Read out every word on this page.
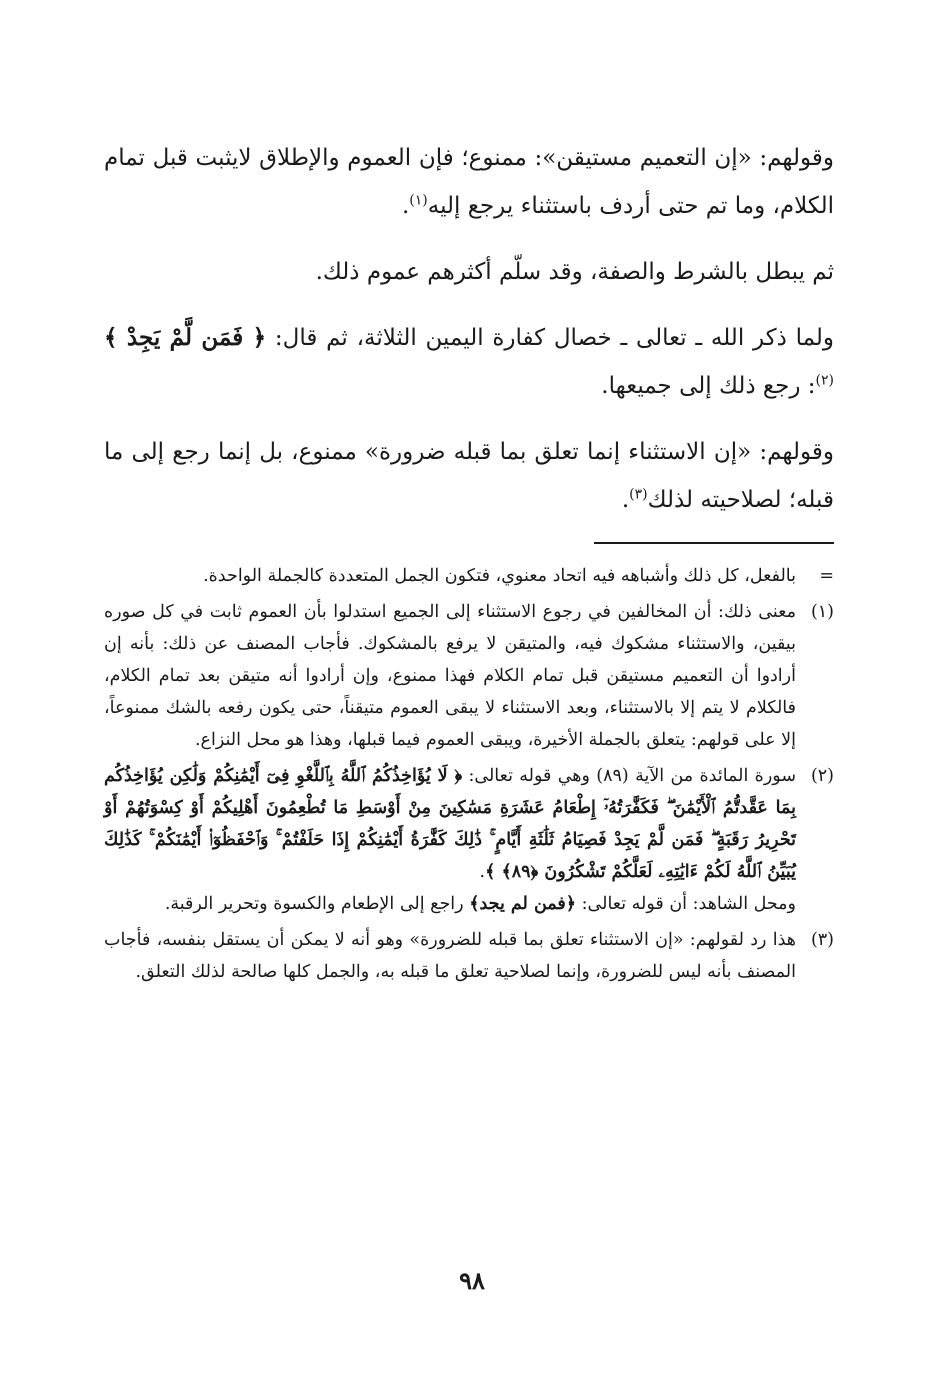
وقولهم: «إن التعميم مستيقن»: ممنوع؛ فإن العموم والإطلاق لايثبت قبل تمام الكلام، وما تم حتى أردف باستثناء يرجع إليه$^{(١)}$.

ثم يبطل بالشرط والصفة، وقد سلّم أكثرهم عموم ذلك.

ولما ذكر الله ـ تعالى ـ خصال كفارة اليمين الثلاثة، ثم قال: ﴿ فَمَن لَّمْ يَجِدْ ﴾$^{(٢)}$: رجع ذلك إلى جميعها.

وقولهم: «إن الاستثناء إنما تعلق بما قبله ضرورة» ممنوع، بل إنما رجع إلى ما قبله؛ لصلاحيته لذلك$^{(٣)}$.

=
بالفعل، كل ذلك وأشباهه فيه اتحاد معنوي، فتكون الجمل المتعددة كالجملة الواحدة.
(١)
معنى ذلك: أن المخالفين في رجوع الاستثناء إلى الجميع استدلوا بأن العموم ثابت في كل صوره بيقين، والاستثناء مشكوك فيه، والمتيقن لا يرفع بالمشكوك. فأجاب المصنف عن ذلك: بأنه إن أرادوا أن التعميم مستيقن قبل تمام الكلام فهذا ممنوع، وإن أرادوا أنه متيقن بعد تمام الكلام، فالكلام لا يتم إلا بالاستثناء، وبعد الاستثناء لا يبقى العموم متيقناً، حتى يكون رفعه بالشك ممنوعاً، إلا على قولهم: يتعلق بالجملة الأخيرة، ويبقى العموم فيما قبلها، وهذا هو محل النزاع.
(٢)
سورة المائدة من الآية (٨٩) وهي قوله تعالى: ﴿ لَا يُؤَاخِذُكُمُ ٱللَّهُ بِٱللَّغْوِ فِىٓ أَيْمَٰنِكُمْ وَلَٰكِن يُؤَاخِذُكُم بِمَا عَقَّدتُّمُ ٱلْأَيْمَٰنَ ۖ فَكَفَّٰرَتُهُۥٓ إِطْعَامُ عَشَرَةِ مَسَٰكِينَ مِنْ أَوْسَطِ مَا تُطْعِمُونَ أَهْلِيكُمْ أَوْ كِسْوَتُهُمْ أَوْ تَحْرِيرُ رَقَبَةٍ ۖ فَمَن لَّمْ يَجِدْ فَصِيَامُ ثَلَٰثَةِ أَيَّامٍ ۚ ذَٰلِكَ كَفَّٰرَةُ أَيْمَٰنِكُمْ إِذَا حَلَفْتُمْ ۚ وَٱحْفَظُوٓا۟ أَيْمَٰنَكُمْ ۚ كَذَٰلِكَ يُبَيِّنُ ٱللَّهُ لَكُمْ ءَايَٰتِهِۦ لَعَلَّكُمْ تَشْكُرُونَ ﴿٨٩﴾ ﴾.
ومحل الشاهد: أن قوله تعالى: ﴿فمن لم يجد﴾ راجع إلى الإطعام والكسوة وتحرير الرقبة.
(٣)
هذا رد لقولهم: «إن الاستثناء تعلق بما قبله للضرورة» وهو أنه لا يمكن أن يستقل بنفسه، فأجاب المصنف بأنه ليس للضرورة، وإنما لصلاحية تعلق ما قبله به، والجمل كلها صالحة لذلك التعلق.
٩٨
